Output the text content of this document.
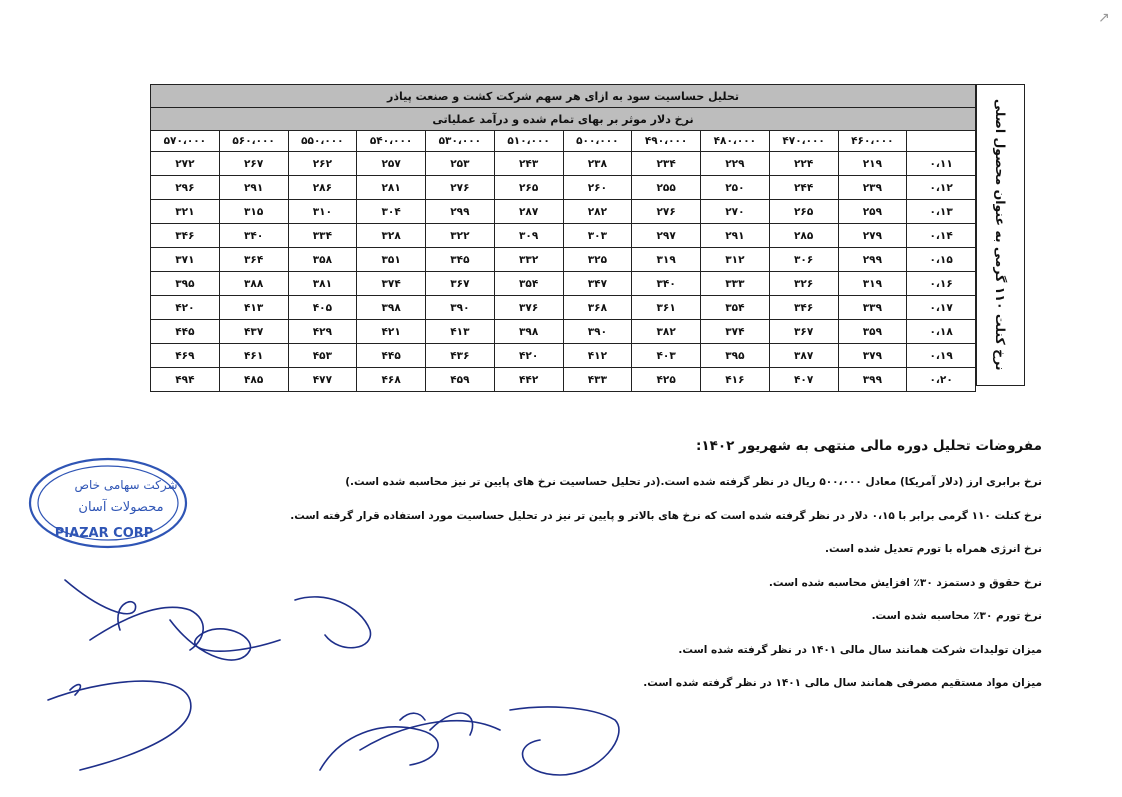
تحلیل حساسیت سود به ازای هر سهم شرکت کشت و صنعت پیاذر											
نرخ دلار موثر بر بهای تمام شده و درآمد عملیاتی											
	۴۶۰،۰۰۰	۴۷۰،۰۰۰	۴۸۰،۰۰۰	۴۹۰،۰۰۰	۵۰۰،۰۰۰	۵۱۰،۰۰۰	۵۳۰،۰۰۰	۵۴۰،۰۰۰	۵۵۰،۰۰۰	۵۶۰،۰۰۰	۵۷۰،۰۰۰
۰،۱۱	۲۱۹	۲۲۴	۲۲۹	۲۳۴	۲۳۸	۲۴۳	۲۵۳	۲۵۷	۲۶۲	۲۶۷	۲۷۲
۰،۱۲	۲۳۹	۲۴۴	۲۵۰	۲۵۵	۲۶۰	۲۶۵	۲۷۶	۲۸۱	۲۸۶	۲۹۱	۲۹۶
۰،۱۳	۲۵۹	۲۶۵	۲۷۰	۲۷۶	۲۸۲	۲۸۷	۲۹۹	۳۰۴	۳۱۰	۳۱۵	۳۲۱
۰،۱۴	۲۷۹	۲۸۵	۲۹۱	۲۹۷	۳۰۳	۳۰۹	۳۲۲	۳۲۸	۳۳۴	۳۴۰	۳۴۶
۰،۱۵	۲۹۹	۳۰۶	۳۱۲	۳۱۹	۳۲۵	۳۳۲	۳۴۵	۳۵۱	۳۵۸	۳۶۴	۳۷۱
۰،۱۶	۳۱۹	۳۲۶	۳۳۳	۳۴۰	۳۴۷	۳۵۴	۳۶۷	۳۷۴	۳۸۱	۳۸۸	۳۹۵
۰،۱۷	۳۳۹	۳۴۶	۳۵۴	۳۶۱	۳۶۸	۳۷۶	۳۹۰	۳۹۸	۴۰۵	۴۱۳	۴۲۰
۰،۱۸	۳۵۹	۳۶۷	۳۷۴	۳۸۲	۳۹۰	۳۹۸	۴۱۳	۴۲۱	۴۲۹	۴۳۷	۴۴۵
۰،۱۹	۳۷۹	۳۸۷	۳۹۵	۴۰۳	۴۱۲	۴۲۰	۴۳۶	۴۴۵	۴۵۳	۴۶۱	۴۶۹
۰،۲۰	۳۹۹	۴۰۷	۴۱۶	۴۲۵	۴۳۳	۴۴۲	۴۵۹	۴۶۸	۴۷۷	۴۸۵	۴۹۴
نرخ کنلت ۱۱۰ گرمی به عنوان محصول اصلی
مفروضات تحلیل دوره مالی منتهی به شهریور ۱۴۰۲:
نرخ برابری ارز (دلار آمریکا) معادل ۵۰۰،۰۰۰ ریال در نظر گرفته شده است.(در تحلیل حساسیت نرخ های پایین تر نیز محاسبه شده است.)
نرخ کنلت ۱۱۰ گرمی برابر با ۰،۱۵ دلار در نظر گرفته شده است که نرخ های بالاتر و پایین تر نیز در تحلیل حساسیت مورد استفاده قرار گرفته است.
نرخ انرژی همراه با تورم تعدیل شده است.
نرخ حقوق و دستمزد ۳۰٪ افزایش محاسبه شده است.
نرخ تورم ۳۰٪ محاسبه شده است.
میزان تولیدات شرکت همانند سال مالی ۱۴۰۱ در نظر گرفته شده است.
میزان مواد مستقیم مصرفی همانند سال مالی ۱۴۰۱ در نظر گرفته شده است.
شرکت سهامی خاص
محصولات آسان
PIAZAR CORP
↗
